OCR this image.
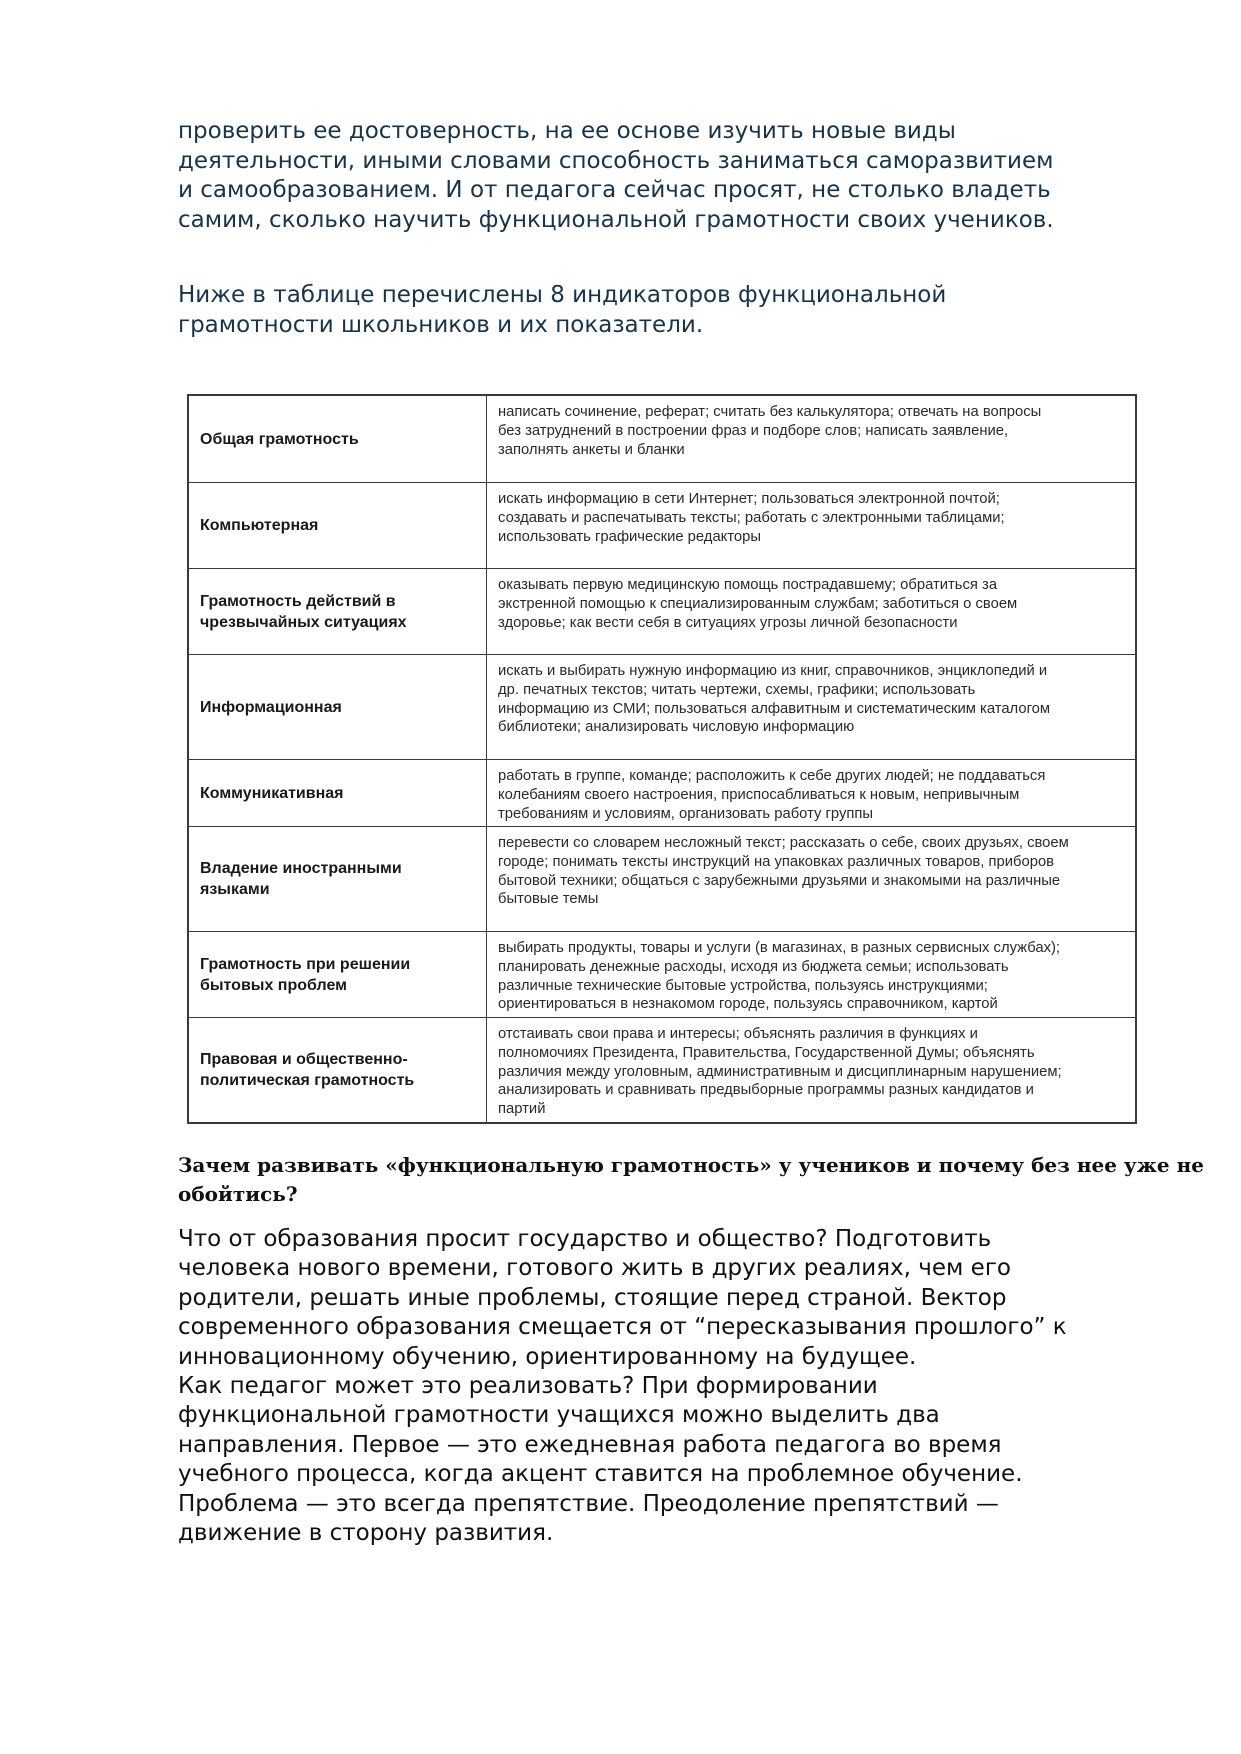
проверить ее достоверность, на ее основе изучить новые виды
деятельности, иными словами способность заниматься саморазвитием
и самообразованием. И от педагога сейчас просят, не столько владеть
самим, сколько научить функциональной грамотности своих учеников.
Ниже в таблице перечислены 8 индикаторов функциональной
грамотности школьников и их показатели.
Общая грамотность
написать сочинение, реферат; считать без калькулятора; отвечать на вопросы
без затруднений в построении фраз и подборе слов; написать заявление,
заполнять анкеты и бланки
Компьютерная
искать информацию в сети Интернет; пользоваться электронной почтой;
создавать и распечатывать тексты; работать с электронными таблицами;
использовать графические редакторы
Грамотность действий в
чрезвычайных ситуациях
оказывать первую медицинскую помощь пострадавшему; обратиться за
экстренной помощью к специализированным службам; заботиться о своем
здоровье; как вести себя в ситуациях угрозы личной безопасности
Информационная
искать и выбирать нужную информацию из книг, справочников, энциклопедий и
др. печатных текстов; читать чертежи, схемы, графики; использовать
информацию из СМИ; пользоваться алфавитным и систематическим каталогом
библиотеки; анализировать числовую информацию
Коммуникативная
работать в группе, команде; расположить к себе других людей; не поддаваться
колебаниям своего настроения, приспосабливаться к новым, непривычным
требованиям и условиям, организовать работу группы
Владение иностранными
языками
перевести со словарем несложный текст; рассказать о себе, своих друзьях, своем
городе; понимать тексты инструкций на упаковках различных товаров, приборов
бытовой техники; общаться с зарубежными друзьями и знакомыми на различные
бытовые темы
Грамотность при решении
бытовых проблем
выбирать продукты, товары и услуги (в магазинах, в разных сервисных службах);
планировать денежные расходы, исходя из бюджета семьи; использовать
различные технические бытовые устройства, пользуясь инструкциями;
ориентироваться в незнакомом городе, пользуясь справочником, картой
Правовая и общественно-
политическая грамотность
отстаивать свои права и интересы; объяснять различия в функциях и
полномочиях Президента, Правительства, Государственной Думы; объяснять
различия между уголовным, административным и дисциплинарным нарушением;
анализировать и сравнивать предвыборные программы разных кандидатов и
партий
Зачем развивать «функциональную грамотность» у учеников и почему без нее уже не
обойтись?
Что от образования просит государство и общество? Подготовить
человека нового времени, готового жить в других реалиях, чем его
родители, решать иные проблемы, стоящие перед страной. Вектор
современного образования смещается от “пересказывания прошлого” к
инновационному обучению, ориентированному на будущее.
Как педагог может это реализовать? При формировании
функциональной грамотности учащихся можно выделить два
направления. Первое — это ежедневная работа педагога во время
учебного процесса, когда акцент ставится на проблемное обучение.
Проблема — это всегда препятствие. Преодоление препятствий —
движение в сторону развития.
